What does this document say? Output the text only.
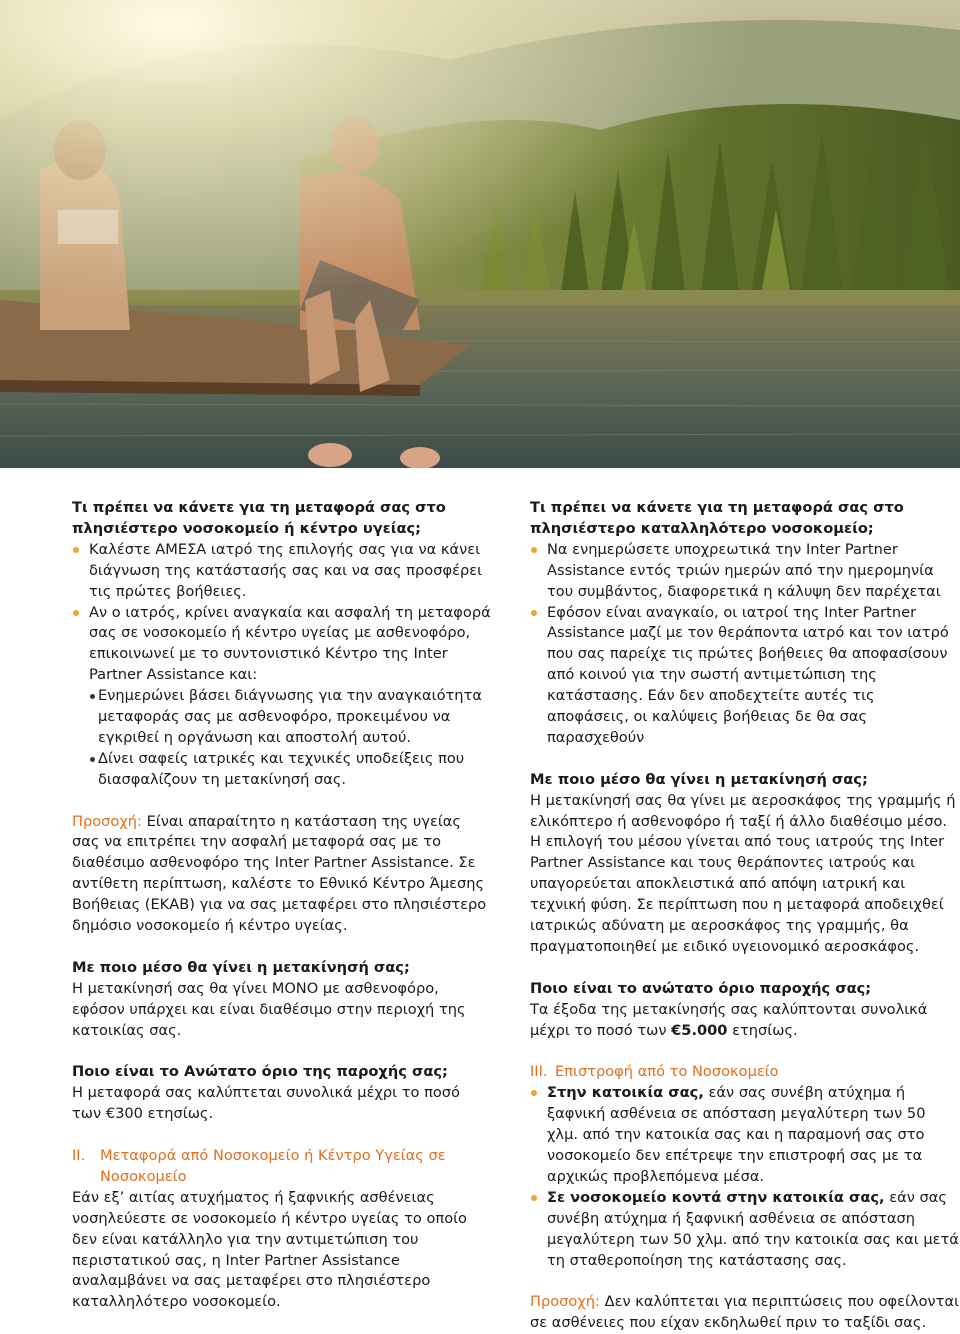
Τι πρέπει να κάνετε για τη μεταφορά σας στο πλησιέστερο νοσοκομείο ή κέντρο υγείας;

Καλέστε ΑΜΕΣΑ ιατρό της επιλογής σας για να κάνει διάγνωση της κατάστασής σας και να σας προσφέρει τις πρώτες βοήθειες.

Αν ο ιατρός, κρίνει αναγκαία και ασφαλή τη μεταφορά σας σε νοσοκομείο ή κέντρο υγείας με ασθενοφόρο, επικοινωνεί με το συντονιστικό Κέντρο της Inter Partner Assistance και:

Ενημερώνει βάσει διάγνωσης για την αναγκαιότητα μεταφοράς σας με ασθενοφόρο, προκειμένου να εγκριθεί η οργάνωση και αποστολή αυτού.

Δίνει σαφείς ιατρικές και τεχνικές υποδείξεις που διασφαλίζουν τη μετακίνησή σας.

Προσοχή: Είναι απαραίτητο η κατάσταση της υγείας σας να επιτρέπει την ασφαλή μεταφορά σας με το διαθέσιμο ασθενοφόρο της Inter Partner Assistance. Σε αντίθετη περίπτωση, καλέστε το Εθνικό Κέντρο Άμεσης Βοήθειας (ΕΚΑΒ) για να σας μεταφέρει στο πλησιέστερο δημόσιο νοσοκομείο ή κέντρο υγείας.

Με ποιο μέσο θα γίνει η μετακίνησή σας;

Η μετακίνησή σας θα γίνει ΜΟΝΟ με ασθενοφόρο, εφόσον υπάρχει και είναι διαθέσιμο στην περιοχή της κατοικίας σας.

Ποιο είναι το Ανώτατο όριο της παροχής σας;

Η μεταφορά σας καλύπτεται συνολικά μέχρι το ποσό των €300 ετησίως.

II.	Μεταφορά από Νοσοκομείο ή Κέντρο Υγείας σε Νοσοκομείο

Εάν εξ’ αιτίας ατυχήματος ή ξαφνικής ασθένειας νοσηλεύεστε σε νοσοκομείο ή κέντρο υγείας το οποίο δεν είναι κατάλληλο για την αντιμετώπιση του περιστατικού σας, η Inter Partner Assistance αναλαμβάνει να σας μεταφέρει στο πλησιέστερο καταλληλότερο νοσοκομείο.

Τι πρέπει να κάνετε για τη μεταφορά σας στο πλησιέστερο καταλληλότερο νοσοκομείο;

Να ενημερώσετε υποχρεωτικά την Inter Partner Assistance εντός τριών ημερών από την ημερομηνία του συμβάντος, διαφορετικά η κάλυψη δεν παρέχεται

Εφόσον είναι αναγκαίο, οι ιατροί της Inter Partner Assistance μαζί με τον θεράποντα ιατρό και τον ιατρό που σας παρείχε τις πρώτες βοήθειες θα αποφασίσουν από κοινού για την σωστή αντιμετώπιση της κατάστασης. Εάν δεν αποδεχτείτε αυτές τις αποφάσεις, οι καλύψεις βοήθειας δε θα σας παρασχεθούν

Με ποιο μέσο θα γίνει η μετακίνησή σας;

Η μετακίνησή σας θα γίνει με αεροσκάφος της γραμμής ή ελικόπτερο ή ασθενοφόρο ή ταξί ή άλλο διαθέσιμο μέσο. Η επιλογή του μέσου γίνεται από τους ιατρούς της Inter Partner Assistance και τους θεράποντες ιατρούς και υπαγορεύεται αποκλειστικά από απόψη ιατρική και τεχνική φύση. Σε περίπτωση που η μεταφορά αποδειχθεί ιατρικώς αδύνατη με αεροσκάφος της γραμμής, θα πραγματοποιηθεί με ειδικό υγειονομικό αεροσκάφος.

Ποιο είναι το ανώτατο όριο παροχής σας;

Τα έξοδα της μετακίνησής σας καλύπτονται συνολικά μέχρι το ποσό των €5.000 ετησίως.

III. Επιστροφή από το Νοσοκομείο

Στην κατοικία σας, εάν σας συνέβη ατύχημα ή ξαφνική ασθένεια σε απόσταση μεγαλύτερη των 50 χλμ. από την κατοικία σας και η παραμονή σας στο νοσοκομείο δεν επέτρεψε την επιστροφή σας με τα αρχικώς προβλεπόμενα μέσα.

Σε νοσοκομείο κοντά στην κατοικία σας, εάν σας συνέβη ατύχημα ή ξαφνική ασθένεια σε απόσταση μεγαλύτερη των 50 χλμ. από την κατοικία σας και μετά τη σταθεροποίηση της κατάστασης σας.

Προσοχή: Δεν καλύπτεται για περιπτώσεις που οφείλονται σε ασθένειες που είχαν εκδηλωθεί πριν το ταξίδι σας.
